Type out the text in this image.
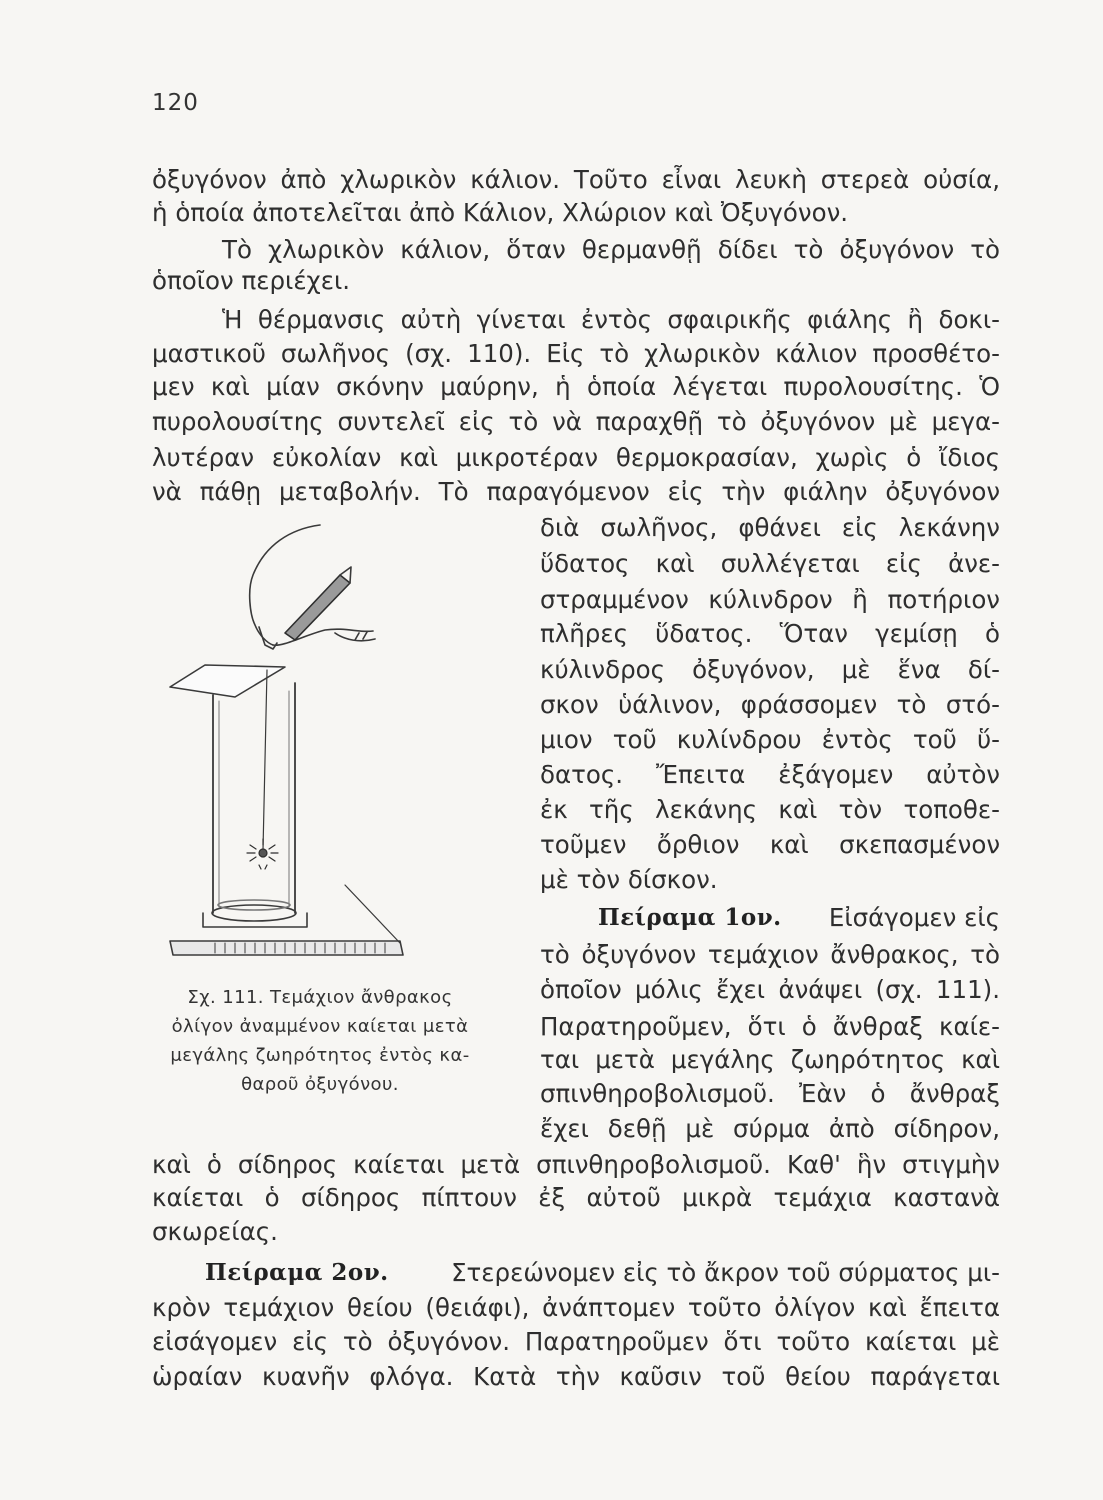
120
ὀξυγόνον ἀπὸ χλωρικὸν κάλιον. Τοῦτο εἶναι λευκὴ στερεὰ οὐσία,
ἡ ὁποία ἀποτελεῖται ἀπὸ Κάλιον, Χλώριον καὶ Ὀξυγόνον.
Τὸ χλωρικὸν κάλιον, ὅταν θερμανθῇ δίδει τὸ ὀξυγόνον τὸ
ὁποῖον περιέχει.
Ἡ θέρμανσις αὐτὴ γίνεται ἐντὸς σφαιρικῆς φιάλης ἢ δοκι-
μαστικοῦ σωλῆνος (σχ. 110). Εἰς τὸ χλωρικὸν κάλιον προσθέτο-
μεν καὶ μίαν σκόνην μαύρην, ἡ ὁποία λέγεται πυρολουσίτης. Ὁ
πυρολουσίτης συντελεῖ εἰς τὸ νὰ παραχθῇ τὸ ὀξυγόνον μὲ μεγα-
λυτέραν εὐκολίαν καὶ μικροτέραν θερμοκρασίαν, χωρὶς ὁ ἴδιος
νὰ πάθῃ μεταβολήν. Τὸ παραγόμενον εἰς τὴν φιάλην ὀξυγόνον
διὰ σωλῆνος, φθάνει εἰς λεκάνην
ὕδατος καὶ συλλέγεται εἰς ἀνε-
στραμμένον κύλινδρον ἢ ποτήριον
πλῆρες ὕδατος. Ὅταν γεμίσῃ ὁ
κύλινδρος ὀξυγόνον, μὲ ἕνα δί-
σκον ὑάλινον, φράσσομεν τὸ στό-
μιον τοῦ κυλίνδρου ἐντὸς τοῦ ὕ-
δατος. Ἔπειτα ἐξάγομεν αὐτὸν
ἐκ τῆς λεκάνης καὶ τὸν τοποθε-
τοῦμεν ὄρθιον καὶ σκεπασμένον
μὲ τὸν δίσκον.
Πείραμα 1ον. Εἰσάγομεν εἰς
τὸ ὀξυγόνον τεμάχιον ἄνθρακος, τὸ
ὁποῖον μόλις ἔχει ἀνάψει (σχ. 111).
Παρατηροῦμεν, ὅτι ὁ ἄνθραξ καίε-
ται μετὰ μεγάλης ζωηρότητος καὶ
σπινθηροβολισμοῦ. Ἐὰν ὁ ἄνθραξ
ἔχει δεθῇ μὲ σύρμα ἀπὸ σίδηρον,
καὶ ὁ σίδηρος καίεται μετὰ σπινθηροβολισμοῦ. Καθ' ἣν στιγμὴν
καίεται ὁ σίδηρος πίπτουν ἐξ αὐτοῦ μικρὰ τεμάχια καστανὰ
σκωρείας.
Πείραμα 2ον.	Στερεώνομεν εἰς τὸ ἄκρον τοῦ σύρματος μι-
κρὸν τεμάχιον θείου (θειάφι), ἀνάπτομεν τοῦτο ὀλίγον καὶ ἔπειτα
εἰσάγομεν εἰς τὸ ὀξυγόνον. Παρατηροῦμεν ὅτι τοῦτο καίεται μὲ
ὡραίαν κυανῆν φλόγα. Κατὰ τὴν καῦσιν τοῦ θείου παράγεται
Σχ. 111. Τεμάχιον ἄνθρακος
ὀλίγον ἀναμμένον καίεται μετὰ
μεγάλης ζωηρότητος ἐντὸς κα-
θαροῦ ὀξυγόνου.
